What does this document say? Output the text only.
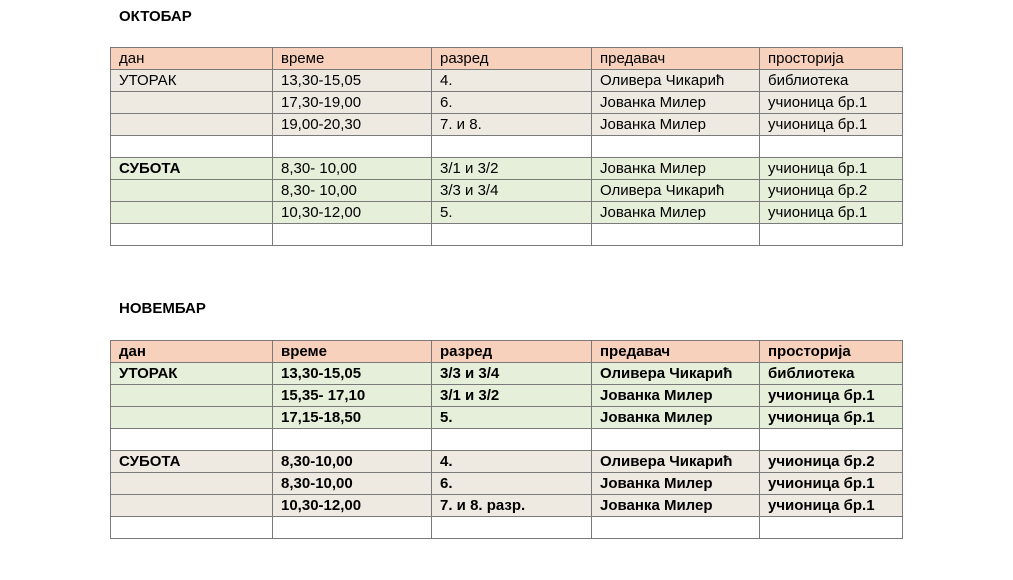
ОКТОБАР
дан	време	разред	предавач	просторија
УТОРАК	13,30-15,05	4.	Оливера Чикарић	библиотека
	17,30-19,00	6.	Јованка Милер	учионица бр.1
	19,00-20,30	7. и 8.	Јованка Милер	учионица бр.1

СУБОТА	8,30- 10,00	3/1 и 3/2	Јованка Милер	учионица бр.1
	8,30- 10,00	3/3 и 3/4	Оливера Чикарић	учионица бр.2
	10,30-12,00	5.	Јованка Милер	учионица бр.1

НОВЕМБАР
дан	време	разред	предавач	просторија
УТОРАК	13,30-15,05	3/3 и 3/4	Оливера Чикарић	библиотека
	15,35- 17,10	3/1 и 3/2	Јованка Милер	учионица бр.1
	17,15-18,50	5.	Јованка Милер	учионица бр.1

СУБОТА	8,30-10,00	4.	Оливера Чикарић	учионица бр.2
	8,30-10,00	6.	Јованка Милер	учионица бр.1
	10,30-12,00	7. и 8. разр.	Јованка Милер	учионица бр.1
